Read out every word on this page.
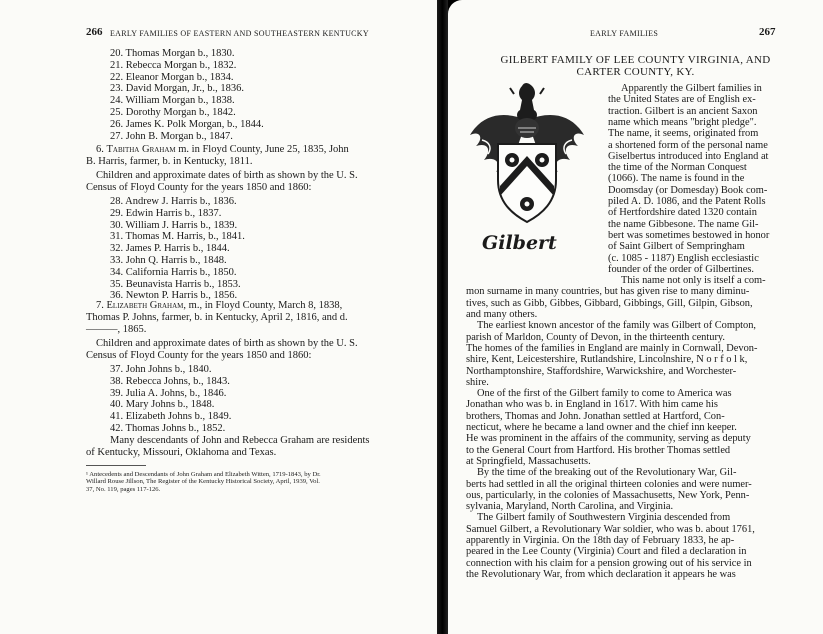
266 EARLY FAMILIES OF EASTERN AND SOUTHEASTERN KENTUCKY
20. Thomas Morgan b., 1830.
21. Rebecca Morgan b., 1832.
22. Eleanor Morgan b., 1834.
23. David Morgan, Jr., b., 1836.
24. William Morgan b., 1838.
25. Dorothy Morgan b., 1842.
26. James K. Polk Morgan, b., 1844.
27. John B. Morgan b., 1847.
6. Tabitha Graham m. in Floyd County, June 25, 1835, John
B. Harris, farmer, b. in Kentucky, 1811.
Children and approximate dates of birth as shown by the U. S.
Census of Floyd County for the years 1850 and 1860:
28. Andrew J. Harris b., 1836.
29. Edwin Harris b., 1837.
30. William J. Harris b., 1839.
31. Thomas M. Harris, b., 1841.
32. James P. Harris b., 1844.
33. John Q. Harris b., 1848.
34. California Harris b., 1850.
35. Beunavista Harris b., 1853.
36. Newton P. Harris b., 1856.
7. Elizabeth Graham, m., in Floyd County, March 8, 1838,
Thomas P. Johns, farmer, b. in Kentucky, April 2, 1816, and d.
———, 1865.
Children and approximate dates of birth as shown by the U. S.
Census of Floyd County for the years 1850 and 1860:
37. John Johns b., 1840.
38. Rebecca Johns, b., 1843.
39. Julia A. Johns, b., 1846.
40. Mary Johns b., 1848.
41. Elizabeth Johns b., 1849.
42. Thomas Johns b., 1852.
Many descendants of John and Rebecca Graham are residents
of Kentucky, Missouri, Oklahoma and Texas.
¹ Antecedents and Descendants of John Graham and Elizabeth Witten, 1719-1843, by Dr.
Willard Rouse Jillson, The Register of the Kentucky Historical Society, April, 1939, Vol.
37, No. 119, pages 117-126.
EARLY FAMILIES	267
GILBERT FAMILY OF LEE COUNTY VIRGINIA, AND
CARTER COUNTY, KY.
Gilbert
Apparently the Gilbert families in
the United States are of English ex-
traction. Gilbert is an ancient Saxon
name which means "bright pledge".
The name, it seems, originated from
a shortened form of the personal name
Giselbertus introduced into England at
the time of the Norman Conquest
(1066). The name is found in the
Doomsday (or Domesday) Book com-
piled A. D. 1086, and the Patent Rolls
of Hertfordshire dated 1320 contain
the name Gibbesone. The name Gil-
bert was sometimes bestowed in honor
of Saint Gilbert of Sempringham
(c. 1085 - 1187) English ecclesiastic
founder of the order of Gilbertines.
This name not only is itself a com-
mon surname in many countries, but has given rise to many diminu-
tives, such as Gibb, Gibbes, Gibbard, Gibbings, Gill, Gilpin, Gibson,
and many others.
The earliest known ancestor of the family was Gilbert of Compton,
parish of Marldon, County of Devon, in the thirteenth century.
The homes of the families in England are mainly in Cornwall, Devon-
shire, Kent, Leicestershire, Rutlandshire, Lincolnshire, N o r f o l k,
Northamptonshire, Staffordshire, Warwickshire, and Worchester-
shire.
One of the first of the Gilbert family to come to America was
Jonathan who was b. in England in 1617. With him came his
brothers, Thomas and John. Jonathan settled at Hartford, Con-
necticut, where he became a land owner and the chief inn keeper.
He was prominent in the affairs of the community, serving as deputy
to the General Court from Hartford. His brother Thomas settled
at Springfield, Massachusetts.
By the time of the breaking out of the Revolutionary War, Gil-
berts had settled in all the original thirteen colonies and were numer-
ous, particularly, in the colonies of Massachusetts, New York, Penn-
sylvania, Maryland, North Carolina, and Virginia.
The Gilbert family of Southwestern Virginia descended from
Samuel Gilbert, a Revolutionary War soldier, who was b. about 1761,
apparently in Virginia. On the 18th day of February 1833, he ap-
peared in the Lee County (Virginia) Court and filed a declaration in
connection with his claim for a pension growing out of his service in
the Revolutionary War, from which declaration it appears he was
